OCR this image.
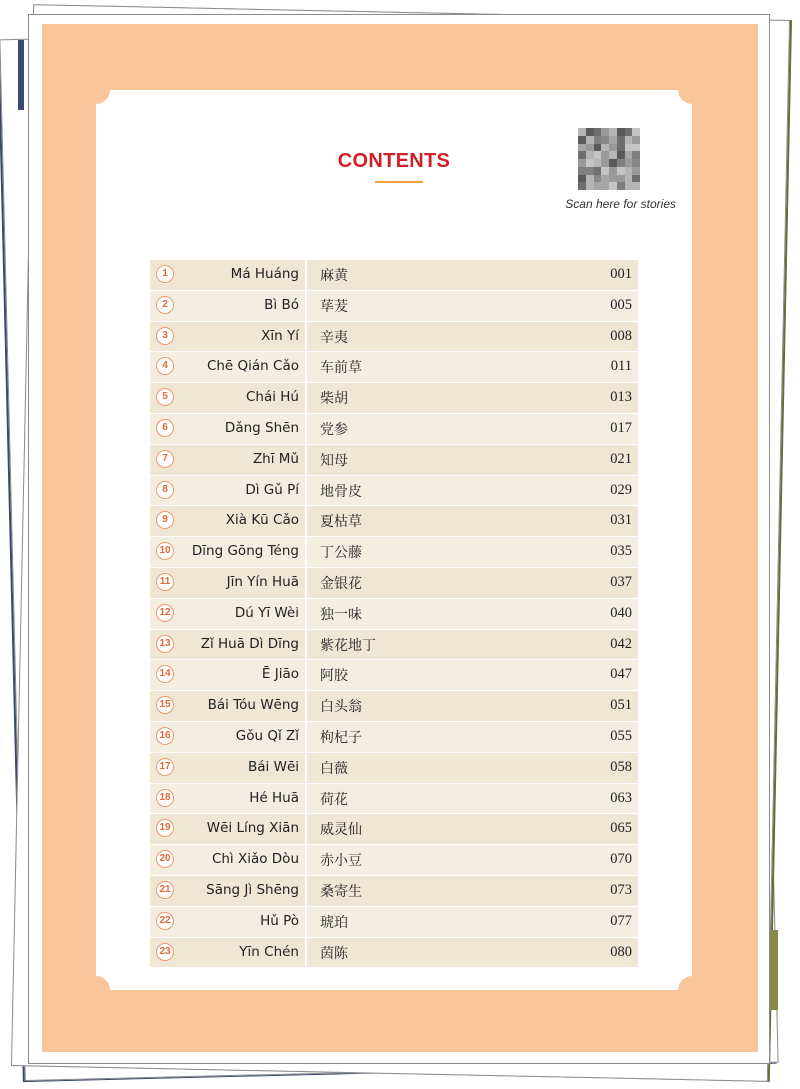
CONTENTS
Scan here for stories
1	Má Huáng 麻黄	001
2	Bì Bó 荜茇	005
3	Xīn Yí 辛夷	008
4	Chē Qián Cǎo 车前草	011
5	Chái Hú 柴胡	013
6	Dǎng Shēn 党参	017
7	Zhī Mǔ 知母	021
8	Dì Gǔ Pí 地骨皮	029
9	Xià Kū Cǎo 夏枯草	031
10 Dīng Gōng Téng 丁公藤	035
11	Jīn Yín Huā 金银花	037
12	Dú Yī Wèi 独一味	040
13 Zǐ Huā Dì Dīng 紫花地丁	042
14	Ē Jiāo 阿胶	047
15	Bái Tóu Wēng 白头翁	051
16	Gǒu Qǐ Zǐ 枸杞子	055
17	Bái Wēi 白薇	058
18	Hé Huā 荷花	063
19	Wēi Líng Xiān 威灵仙	065
20	Chì Xiǎo Dòu 赤小豆	070
21	Sāng Jì Shēng 桑寄生	073
22	Hǔ Pò 琥珀	077
23	Yīn Chén 茵陈	080
